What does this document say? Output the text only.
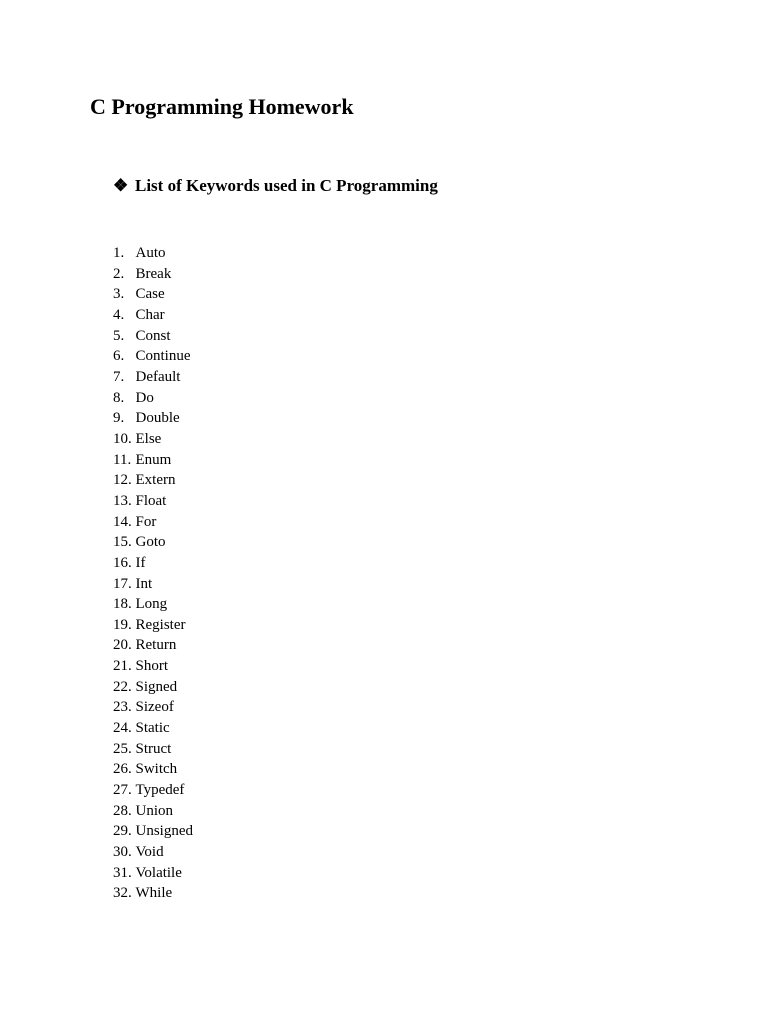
C Programming Homework
❖ List of Keywords used in C Programming
1. Auto
2. Break
3. Case
4. Char
5. Const
6. Continue
7. Default
8. Do
9. Double
10. Else
11. Enum
12. Extern
13. Float
14. For
15. Goto
16. If
17. Int
18. Long
19. Register
20. Return
21. Short
22. Signed
23. Sizeof
24. Static
25. Struct
26. Switch
27. Typedef
28. Union
29. Unsigned
30. Void
31. Volatile
32. While
